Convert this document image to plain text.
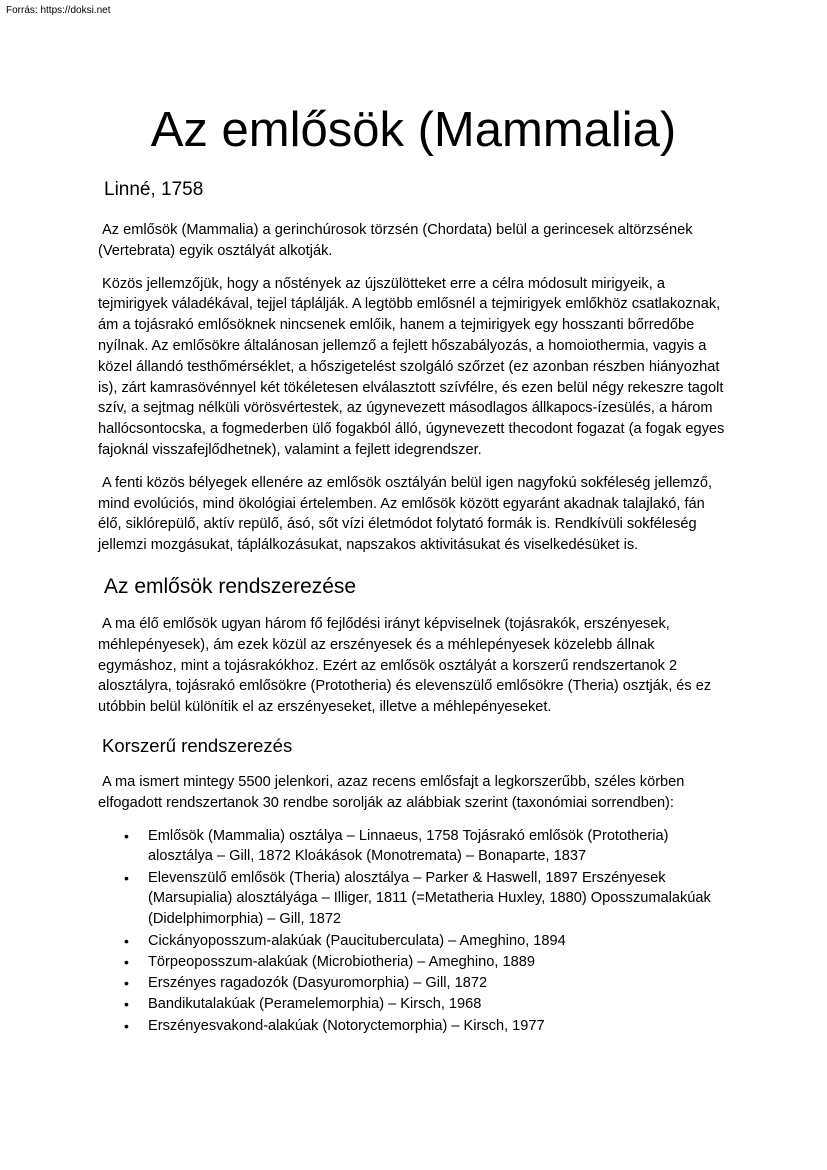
Forrás: https://doksi.net
Az emlősök (Mammalia)
Linné, 1758

Az emlősök (Mammalia) a gerinchúrosok törzsén (Chordata) belül a gerincesek altörzsének (Vertebrata) egyik osztályát alkotják.

Közös jellemzőjük, hogy a nőstények az újszülötteket erre a célra módosult mirigyeik, a tejmirigyek váladékával, tejjel táplálják. A legtöbb emlősnél a tejmirigyek emlőkhöz csatlakoznak, ám a tojásrakó emlősöknek nincsenek emlőik, hanem a tejmirigyek egy hosszanti bőrredőbe nyílnak. Az emlősökre általánosan jellemző a fejlett hőszabályozás, a homoiothermia, vagyis a közel állandó testhőmérséklet, a hőszigetelést szolgáló szőrzet (ez azonban részben hiányozhat is), zárt kamrasövénnyel két tökéletesen elválasztott szívfélre, és ezen belül négy rekeszre tagolt szív, a sejtmag nélküli vörösvértestek, az úgynevezett másodlagos állkapocs-ízesülés, a három hallócsontocska, a fogmederben ülő fogakból álló, úgynevezett thecodont fogazat (a fogak egyes fajoknál visszafejlődhetnek), valamint a fejlett idegrendszer.

A fenti közös bélyegek ellenére az emlősök osztályán belül igen nagyfokú sokféleség jellemző, mind evolúciós, mind ökológiai értelemben. Az emlősök között egyaránt akadnak talajlakó, fán élő, siklórepülő, aktív repülő, ásó, sőt vízi életmódot folytató formák is. Rendkívüli sokféleség jellemzi mozgásukat, táplálkozásukat, napszakos aktivitásukat és viselkedésüket is.

Az emlősök rendszerezése

A ma élő emlősök ugyan három fő fejlődési irányt képviselnek (tojásrakók, erszényesek, méhlepényesek), ám ezek közül az erszényesek és a méhlepényesek közelebb állnak egymáshoz, mint a tojásrakókhoz. Ezért az emlősök osztályát a korszerű rendszertanok 2 alosztályra, tojásrakó emlősökre (Prototheria) és elevenszülő emlősökre (Theria) osztják, és ez utóbbin belül különítik el az erszényeseket, illetve a méhlepényeseket.

Korszerű rendszerezés

A ma ismert mintegy 5500 jelenkori, azaz recens emlősfajt a legkorszerűbb, széles körben elfogadott rendszertanok 30 rendbe sorolják az alábbiak szerint (taxonómiai sorrendben):

• Emlősök (Mammalia) osztálya – Linnaeus, 1758 Tojásrakó emlősök (Prototheria) alosztálya – Gill, 1872 Kloákások (Monotremata) – Bonaparte, 1837
• Elevenszülő emlősök (Theria) alosztálya – Parker & Haswell, 1897 Erszényesek (Marsupialia) alosztályága – Illiger, 1811 (=Metatheria Huxley, 1880) Oposszumalakúak (Didelphimorphia) – Gill, 1872
• Cickányoposszum-alakúak (Paucituberculata) – Ameghino, 1894
• Törpeoposszum-alakúak (Microbiotheria) – Ameghino, 1889
• Erszényes ragadozók (Dasyuromorphia) – Gill, 1872
• Bandikutalakúak (Peramelemorphia) – Kirsch, 1968
• Erszényesvakond-alakúak (Notoryctemorphia) – Kirsch, 1977
